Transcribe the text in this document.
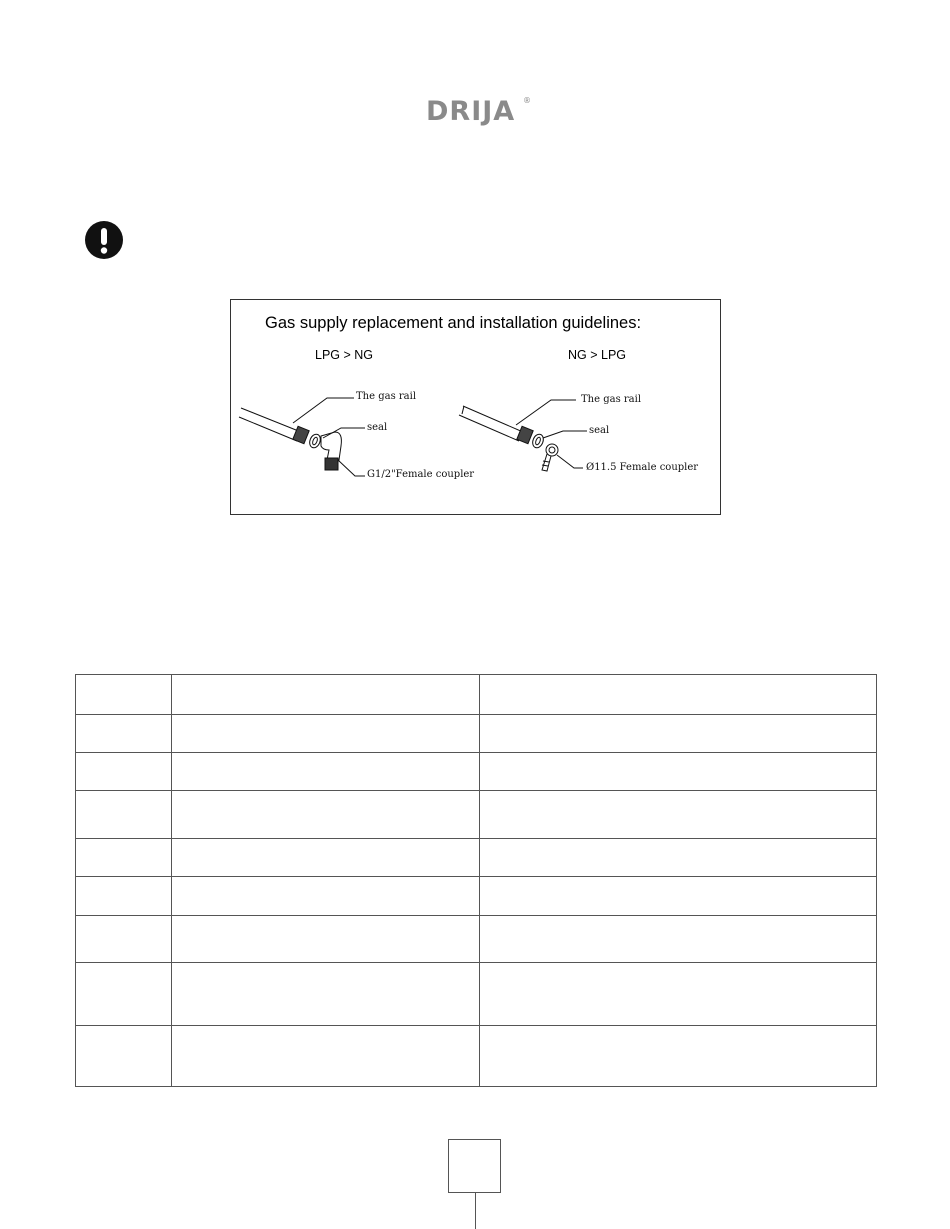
DRIJA ®
Gas supply replacement and installation guidelines:
LPG > NG	NG > LPG
The gas rail
seal
G1/2"Female coupler
The gas rail
seal
Ø11.5 Female coupler
